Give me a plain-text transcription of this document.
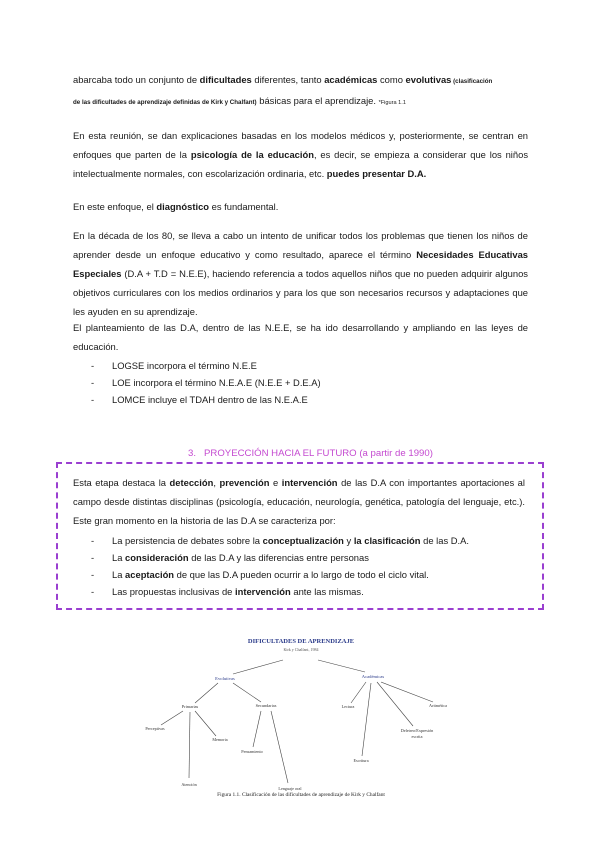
abarcaba todo un conjunto de dificultades diferentes, tanto académicas como evolutivas (clasificación
de las dificultades de aprendizaje definidas de Kirk y Chalfant) básicas para el aprendizaje. *Figura 1.1
En esta reunión, se dan explicaciones basadas en los modelos médicos y, posteriormente, se centran en enfoques que parten de la psicología de la educación, es decir, se empieza a considerar que los niños intelectualmente normales, con escolarización ordinaria, etc. puedes presentar D.A.
En este enfoque, el diagnóstico es fundamental.
En la década de los 80, se lleva a cabo un intento de unificar todos los problemas que tienen los niños de aprender desde un enfoque educativo y como resultado, aparece el término Necesidades Educativas Especiales (D.A + T.D = N.E.E), haciendo referencia a todos aquellos niños que no pueden adquirir algunos objetivos curriculares con los medios ordinarios y para los que son necesarios recursos y adaptaciones que les ayuden en su aprendizaje.
El planteamiento de las D.A, dentro de las N.E.E, se ha ido desarrollando y ampliando en las leyes de educación.
- LOGSE incorpora el término N.E.E
- LOE incorpora el término N.E.A.E (N.E.E + D.E.A)
- LOMCE incluye el TDAH dentro de las N.E.A.E
3. PROYECCIÓN HACIA EL FUTURO (a partir de 1990)
Esta etapa destaca la detección, prevención e intervención de las D.A con importantes aportaciones al campo desde distintas disciplinas (psicología, educación, neurología, genética, patología del lenguaje, etc.). Este gran momento en la historia de las D.A se caracteriza por:
- La persistencia de debates sobre la conceptualización y la clasificación de las D.A.
- La consideración de las D.A y las diferencias entre personas
- La aceptación de que las D.A pueden ocurrir a lo largo de todo el ciclo vital.
- Las propuestas inclusivas de intervención ante las mismas.
DIFICULTADES DE APRENDIZAJE
Kirk y Chalfant, 1984
Evolutivas	Académicas
Primarias	Secundarias
Perceptivas
Memoria
Pensamiento
Atención
Lenguaje oral
Lectura	Aritmética
Deletreo/Expresión
escrita
Escritura
Figura 1.1. Clasificación de las dificultades de aprendizaje de Kirk y Chalfant
